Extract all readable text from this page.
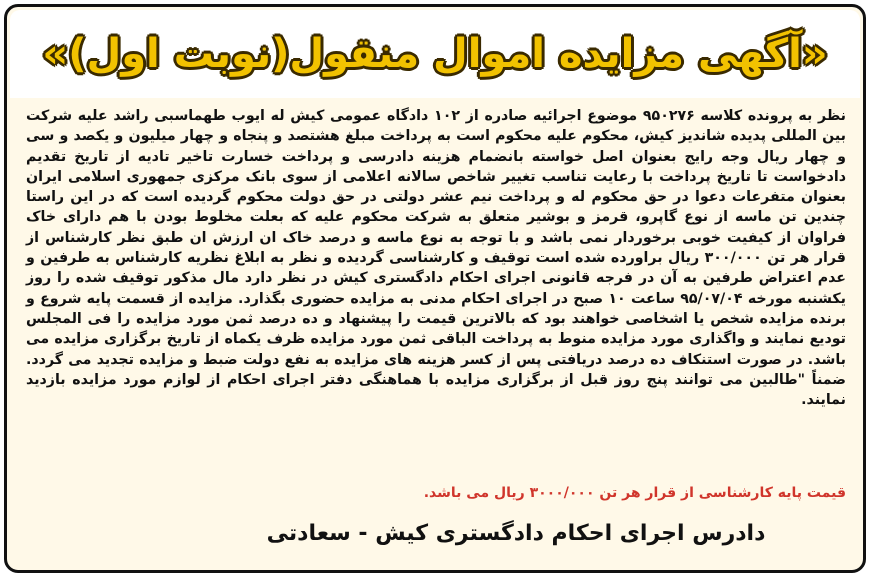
«آگهی مزایده اموال منقول(نوبت اول)»
نظر به پرونده کلاسه ۹۵۰۲۷۶ موضوع اجرائیه صادره از ۱۰۲ دادگاه عمومی کیش له ایوب طهماسبی راشد علیه شرکت بین المللی پدیده شاندیز کیش، محکوم علیه محکوم است به پرداخت مبلغ هشتصد و پنجاه و چهار میلیون و یکصد و سی و چهار ریال وجه رایج بعنوان اصل خواسته بانضمام هزینه دادرسی و پرداخت خسارت تاخیر تادیه از تاریخ تقدیم دادخواست تا تاریخ پرداخت با رعایت تناسب تغییر شاخص سالانه اعلامی از سوی بانک مرکزی جمهوری اسلامی ایران بعنوان متفرعات دعوا در حق محکوم له و پرداخت نیم عشر دولتی در حق دولت محکوم گردیده است که در این راستا چندین تن ماسه از نوع گاپرو، قرمز و بوشیر متعلق به شرکت محکوم علیه که بعلت مخلوط بودن با هم دارای خاک فراوان از کیفیت خوبی برخوردار نمی باشد و با توجه به نوع ماسه و درصد خاک ان ارزش ان طبق نظر کارشناس از قرار هر تن ۳۰۰/۰۰۰ ریال براورده شده است توقیف و کارشناسی گردیده و نظر به ابلاغ نظریه کارشناس به طرفین و عدم اعتراض طرفین به آن در فرجه قانونی اجرای احکام دادگستری کیش در نظر دارد مال مذکور توقیف شده را روز یکشنبه مورخه ۹۵/۰۷/۰۴ ساعت ۱۰ صبح در اجرای احکام مدنی به مزایده حضوری بگذارد. مزایده از قسمت پایه شروع و برنده مزایده شخص یا اشخاصی خواهند بود که بالاترین قیمت را پیشنهاد و ده درصد ثمن مورد مزایده را فی المجلس تودیع نمایند و واگذاری مورد مزایده منوط به پرداخت الباقی ثمن مورد مزایده ظرف یکماه از تاریخ برگزاری مزایده می باشد. در صورت استنکاف ده درصد دریافتی پس از کسر هزینه های مزایده به نفع دولت ضبط و مزایده تجدید می گردد. ضمناً "طالبین می توانند پنج روز قبل از برگزاری مزایده با هماهنگی دفتر اجرای احکام از لوازم مورد مزایده بازدید نمایند.
قیمت پایه کارشناسی از قرار هر تن ۳۰۰۰/۰۰۰ ریال می باشد.
دادرس اجرای احکام دادگستری کیش - سعادتی
